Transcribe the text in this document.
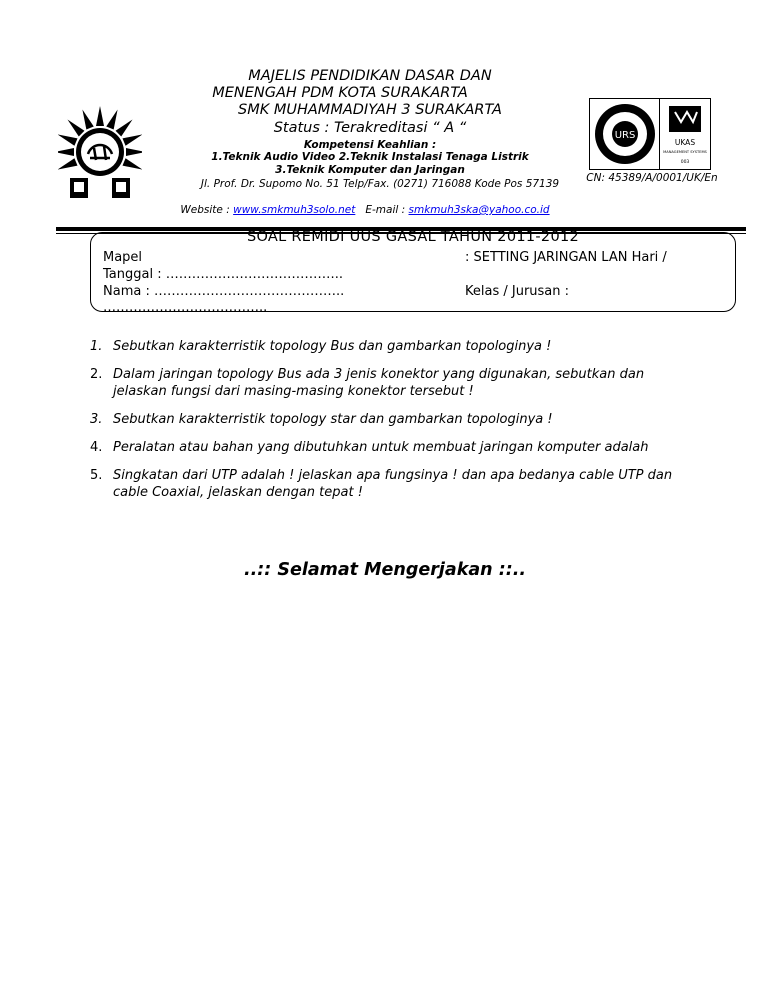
MAJELIS PENDIDIKAN DASAR DAN
MENENGAH PDM KOTA SURAKARTA
SMK MUHAMMADIYAH 3 SURAKARTA
Status : Terakreditasi “ A “
Kompetensi Keahlian :
1.Teknik Audio Video 2.Teknik Instalasi Tenaga Listrik
3.Teknik Komputer dan Jaringan
Jl. Prof. Dr. Supomo No. 51 Telp/Fax. (0271) 716088 Kode Pos 57139
Website : www.smkmuh3solo.net E-mail : smkmuh3ska@yahoo.co.id
URS
UKAS
MANAGEMENT SYSTEMS
003
CN: 45389/A/0001/UK/En
SOAL REMIDI UUS GASAL TAHUN 2011-2012
Mapel	: SETTING JARINGAN LAN Hari /
Tanggal : …………………………………..
Nama : ……………………………………..	Kelas / Jurusan :
………………………………..
1. Sebutkan karakterristik topology Bus dan gambarkan topologinya !
2. Dalam jaringan topology Bus ada 3 jenis konektor yang digunakan, sebutkan dan jelaskan fungsi dari masing-masing konektor tersebut !
3. Sebutkan karakterristik topology star dan gambarkan topologinya !
4. Peralatan atau bahan yang dibutuhkan untuk membuat jaringan komputer adalah
5. Singkatan dari UTP adalah ! jelaskan apa fungsinya ! dan apa bedanya cable UTP dan cable Coaxial, jelaskan dengan tepat !
..:: Selamat Mengerjakan ::..
